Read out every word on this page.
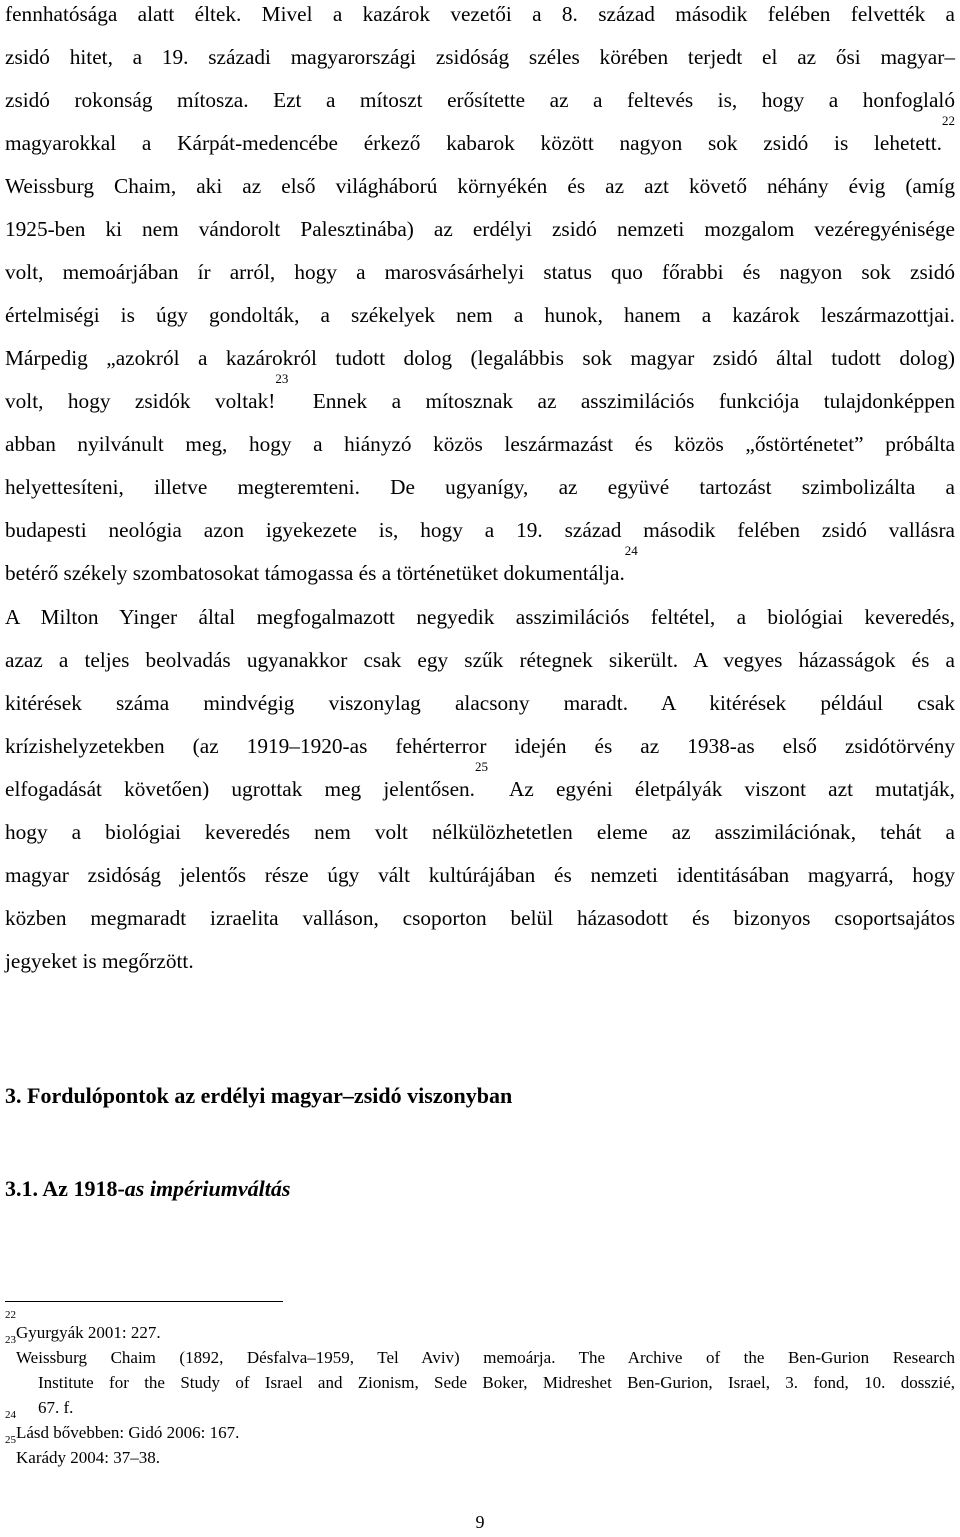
fennhatósága alatt éltek. Mivel a kazárok vezetői a 8. század második felében felvették a
zsidó hitet, a 19. századi magyarországi zsidóság széles körében terjedt el az ősi magyar–
zsidó rokonság mítosza. Ezt a mítoszt erősítette az a feltevés is, hogy a honfoglaló
magyarokkal a Kárpát-medencébe érkező kabarok között nagyon sok zsidó is lehetett.$^{22}$
Weissburg Chaim, aki az első világháború környékén és az azt követő néhány évig (amíg
1925-ben ki nem vándorolt Palesztinába) az erdélyi zsidó nemzeti mozgalom vezéregyénisége
volt, memoárjában ír arról, hogy a marosvásárhelyi status quo főrabbi és nagyon sok zsidó
értelmiségi is úgy gondolták, a székelyek nem a hunok, hanem a kazárok leszármazottjai.
Márpedig „azokról a kazárokról tudott dolog (legalábbis sok magyar zsidó által tudott dolog)
volt, hogy zsidók voltak!$^{23}$ Ennek a mítosznak az asszimilációs funkciója tulajdonképpen
abban nyilvánult meg, hogy a hiányzó közös leszármazást és közös „őstörténetet” próbálta
helyettesíteni, illetve megteremteni. De ugyanígy, az együvé tartozást szimbolizálta a
budapesti neológia azon igyekezete is, hogy a 19. század második felében zsidó vallásra
betérő székely szombatosokat támogassa és a történetüket dokumentálja.$^{24}$
A Milton Yinger által megfogalmazott negyedik asszimilációs feltétel, a biológiai keveredés,
azaz a teljes beolvadás ugyanakkor csak egy szűk rétegnek sikerült. A vegyes házasságok és a
kitérések száma mindvégig viszonylag alacsony maradt. A kitérések például csak
krízishelyzetekben (az 1919–1920-as fehérterror idején és az 1938-as első zsidótörvény
elfogadását követően) ugrottak meg jelentősen.$^{25}$ Az egyéni életpályák viszont azt mutatják,
hogy a biológiai keveredés nem volt nélkülözhetetlen eleme az asszimilációnak, tehát a
magyar zsidóság jelentős része úgy vált kultúrájában és nemzeti identitásában magyarrá, hogy
közben megmaradt izraelita valláson, csoporton belül házasodott és bizonyos csoportsajátos
jegyeket is megőrzött.
3. Fordulópontok az erdélyi magyar–zsidó viszonyban
3.1. Az 1918-as impériumváltás
$^{22}$Gyurgyák 2001: 227.
$^{23}$Weissburg Chaim (1892, Désfalva–1959, Tel Aviv) memoárja. The Archive of the Ben-Gurion Research
Institute for the Study of Israel and Zionism, Sede Boker, Midreshet Ben-Gurion, Israel, 3. fond, 10. dosszié,
67. f.
$^{24}$Lásd bővebben: Gidó 2006: 167.
$^{25}$Karády 2004: 37–38.
9
